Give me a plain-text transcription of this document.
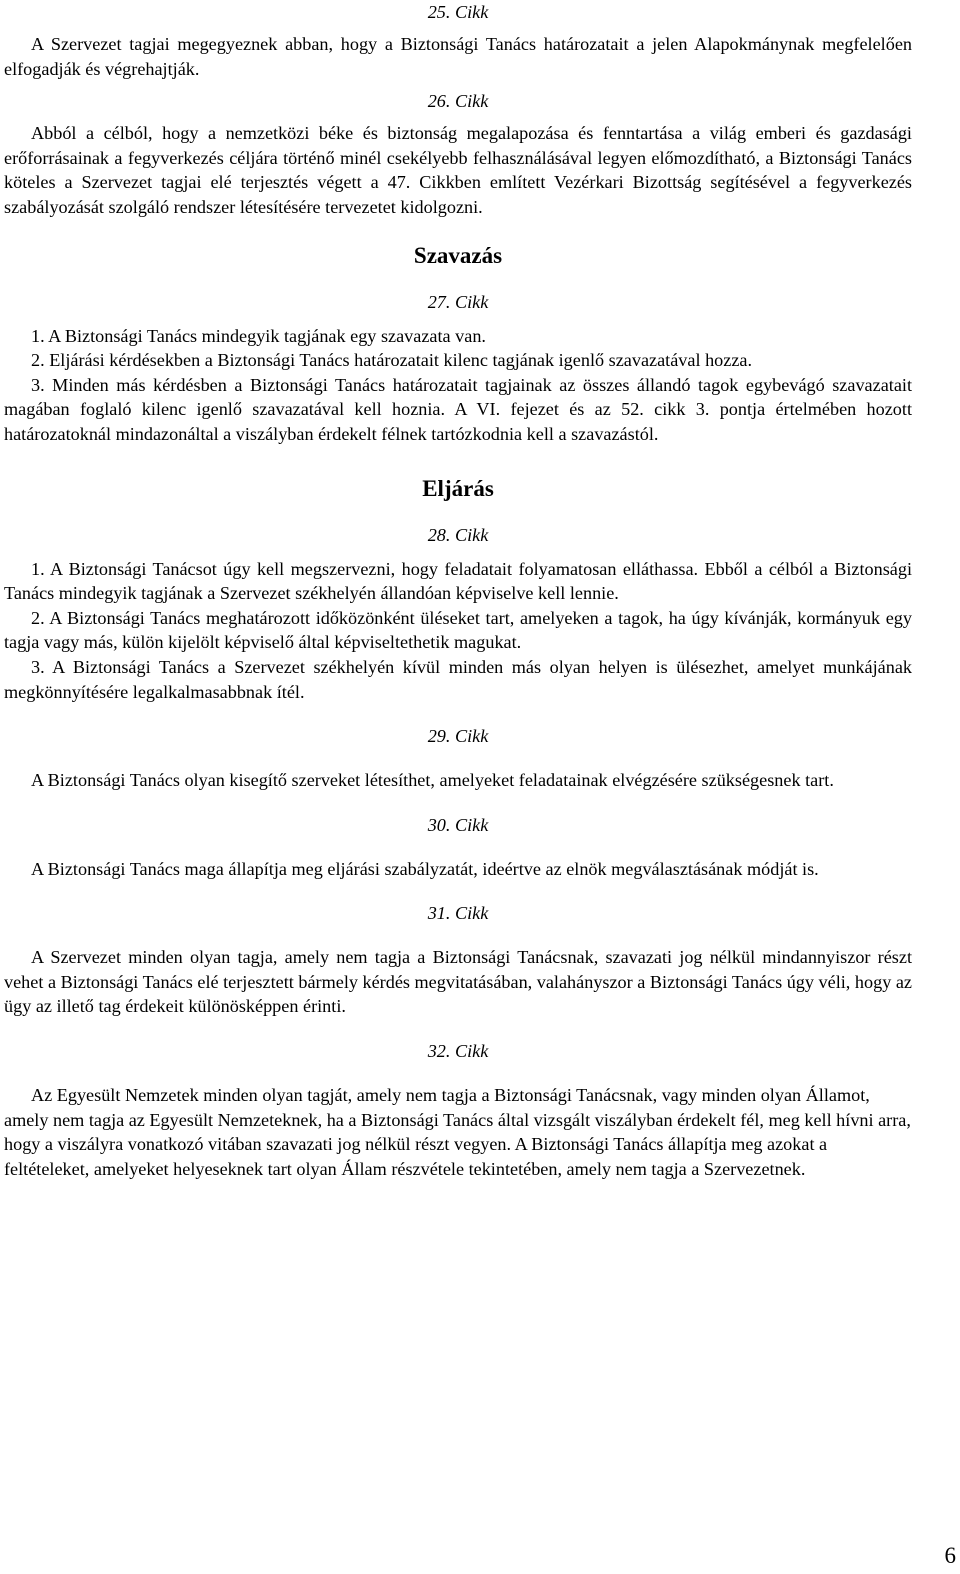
25. Cikk

A Szervezet tagjai megegyeznek abban, hogy a Biztonsági Tanács határozatait a jelen Alapokmánynak megfelelően elfogadják és végrehajtják.

26. Cikk

Abból a célból, hogy a nemzetközi béke és biztonság megalapozása és fenntartása a világ emberi és gazdasági erőforrásainak a fegyverkezés céljára történő minél csekélyebb felhasználásával legyen előmozdítható, a Biztonsági Tanács köteles a Szervezet tagjai elé terjesztés végett a 47. Cikkben említett Vezérkari Bizottság segítésével a fegyverkezés szabályozását szolgáló rendszer létesítésére tervezetet kidolgozni.

Szavazás

27. Cikk

1. A Biztonsági Tanács mindegyik tagjának egy szavazata van.

2. Eljárási kérdésekben a Biztonsági Tanács határozatait kilenc tagjának igenlő szavazatával hozza.

3. Minden más kérdésben a Biztonsági Tanács határozatait tagjainak az összes állandó tagok egybevágó szavazatait magában foglaló kilenc igenlő szavazatával kell hoznia. A VI. fejezet és az 52. cikk 3. pontja értelmében hozott határozatoknál mindazonáltal a viszályban érdekelt félnek tartózkodnia kell a szavazástól.

Eljárás

28. Cikk

1. A Biztonsági Tanácsot úgy kell megszervezni, hogy feladatait folyamatosan elláthassa. Ebből a célból a Biztonsági Tanács mindegyik tagjának a Szervezet székhelyén állandóan képviselve kell lennie.

2. A Biztonsági Tanács meghatározott időközönként üléseket tart, amelyeken a tagok, ha úgy kívánják, kormányuk egy tagja vagy más, külön kijelölt képviselő által képviseltethetik magukat.

3. A Biztonsági Tanács a Szervezet székhelyén kívül minden más olyan helyen is ülésezhet, amelyet munkájának megkönnyítésére legalkalmasabbnak ítél.

29. Cikk

A Biztonsági Tanács olyan kisegítő szerveket létesíthet, amelyeket feladatainak elvégzésére szükségesnek tart.

30. Cikk

A Biztonsági Tanács maga állapítja meg eljárási szabályzatát, ideértve az elnök megválasztásának módját is.

31. Cikk

A Szervezet minden olyan tagja, amely nem tagja a Biztonsági Tanácsnak, szavazati jog nélkül mindannyiszor részt vehet a Biztonsági Tanács elé terjesztett bármely kérdés megvitatásában, valahányszor a Biztonsági Tanács úgy véli, hogy az ügy az illető tag érdekeit különösképpen érinti.

32. Cikk

Az Egyesült Nemzetek minden olyan tagját, amely nem tagja a Biztonsági Tanácsnak, vagy minden olyan Államot, amely nem tagja az Egyesült Nemzeteknek, ha a Biztonsági Tanács által vizsgált viszályban érdekelt fél, meg kell hívni arra, hogy a viszályra vonatkozó vitában szavazati jog nélkül részt vegyen. A Biztonsági Tanács állapítja meg azokat a feltételeket, amelyeket helyeseknek tart olyan Állam részvétele tekintetében, amely nem tagja a Szervezetnek.

6
